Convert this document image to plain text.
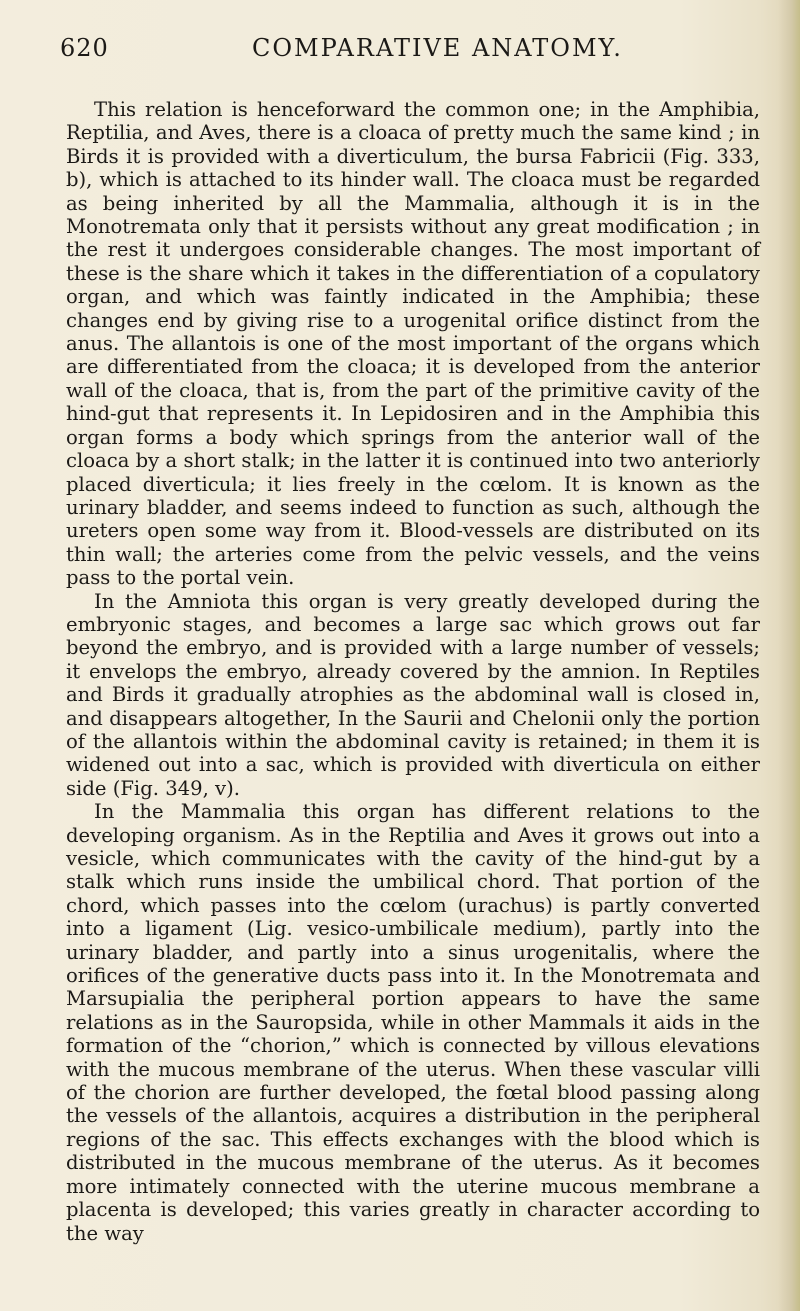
620	COMPARATIVE ANATOMY.

This relation is henceforward the common one; in the Amphibia, Reptilia, and Aves, there is a cloaca of pretty much the same kind ; in Birds it is provided with a diverticulum, the bursa Fabricii (Fig. 333, b), which is attached to its hinder wall. The cloaca must be regarded as being inherited by all the Mammalia, although it is in the Monotremata only that it persists without any great modification ; in the rest it undergoes considerable changes. The most important of these is the share which it takes in the differentiation of a copulatory organ, and which was faintly indicated in the Amphibia; these changes end by giving rise to a urogenital orifice distinct from the anus. The allantois is one of the most important of the organs which are differentiated from the cloaca; it is developed from the anterior wall of the cloaca, that is, from the part of the primitive cavity of the hind-gut that represents it. In Lepidosiren and in the Amphibia this organ forms a body which springs from the anterior wall of the cloaca by a short stalk; in the latter it is continued into two anteriorly placed diverticula; it lies freely in the cœlom. It is known as the urinary bladder, and seems indeed to function as such, although the ureters open some way from it. Blood-vessels are distributed on its thin wall; the arteries come from the pelvic vessels, and the veins pass to the portal vein.

In the Amniota this organ is very greatly developed during the embryonic stages, and becomes a large sac which grows out far beyond the embryo, and is provided with a large number of vessels; it envelops the embryo, already covered by the amnion. In Reptiles and Birds it gradually atrophies as the abdominal wall is closed in, and disappears altogether, In the Saurii and Chelonii only the portion of the allantois within the abdominal cavity is retained; in them it is widened out into a sac, which is provided with diverticula on either side (Fig. 349, v).

In the Mammalia this organ has different relations to the developing organism. As in the Reptilia and Aves it grows out into a vesicle, which communicates with the cavity of the hind-gut by a stalk which runs inside the umbilical chord. That portion of the chord, which passes into the cœlom (urachus) is partly converted into a ligament (Lig. vesico-umbilicale medium), partly into the urinary bladder, and partly into a sinus urogenitalis, where the orifices of the generative ducts pass into it. In the Monotremata and Marsupialia the peripheral portion appears to have the same relations as in the Sauropsida, while in other Mammals it aids in the formation of the “chorion,” which is connected by villous elevations with the mucous membrane of the uterus. When these vascular villi of the chorion are further developed, the fœtal blood passing along the vessels of the allantois, acquires a distribution in the peripheral regions of the sac. This effects exchanges with the blood which is distributed in the mucous membrane of the uterus. As it becomes more intimately connected with the uterine mucous membrane a placenta is developed; this varies greatly in character according to the way
